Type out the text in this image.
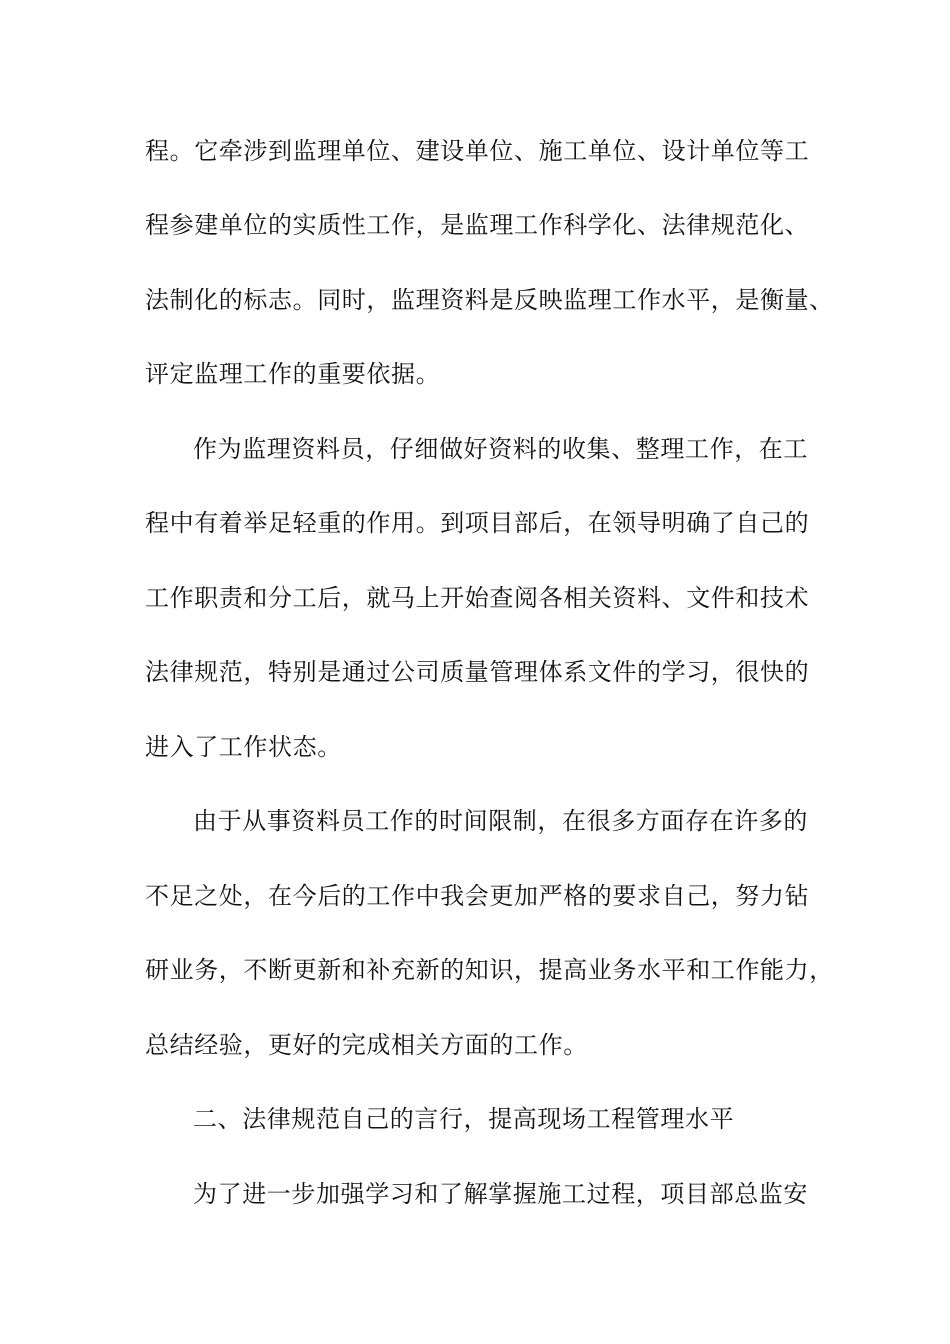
程。它牵涉到监理单位、建设单位、施工单位、设计单位等工
程参建单位的实质性工作，是监理工作科学化、法律规范化、
法制化的标志。同时，监理资料是反映监理工作水平，是衡量、
评定监理工作的重要依据。
作为监理资料员，仔细做好资料的收集、整理工作，在工
程中有着举足轻重的作用。到项目部后，在领导明确了自己的
工作职责和分工后，就马上开始查阅各相关资料、文件和技术
法律规范，特别是通过公司质量管理体系文件的学习，很快的
进入了工作状态。
由于从事资料员工作的时间限制，在很多方面存在许多的
不足之处，在今后的工作中我会更加严格的要求自己，努力钻
研业务，不断更新和补充新的知识，提高业务水平和工作能力，
总结经验，更好的完成相关方面的工作。
二、法律规范自己的言行，提高现场工程管理水平
为了进一步加强学习和了解掌握施工过程，项目部总监安
